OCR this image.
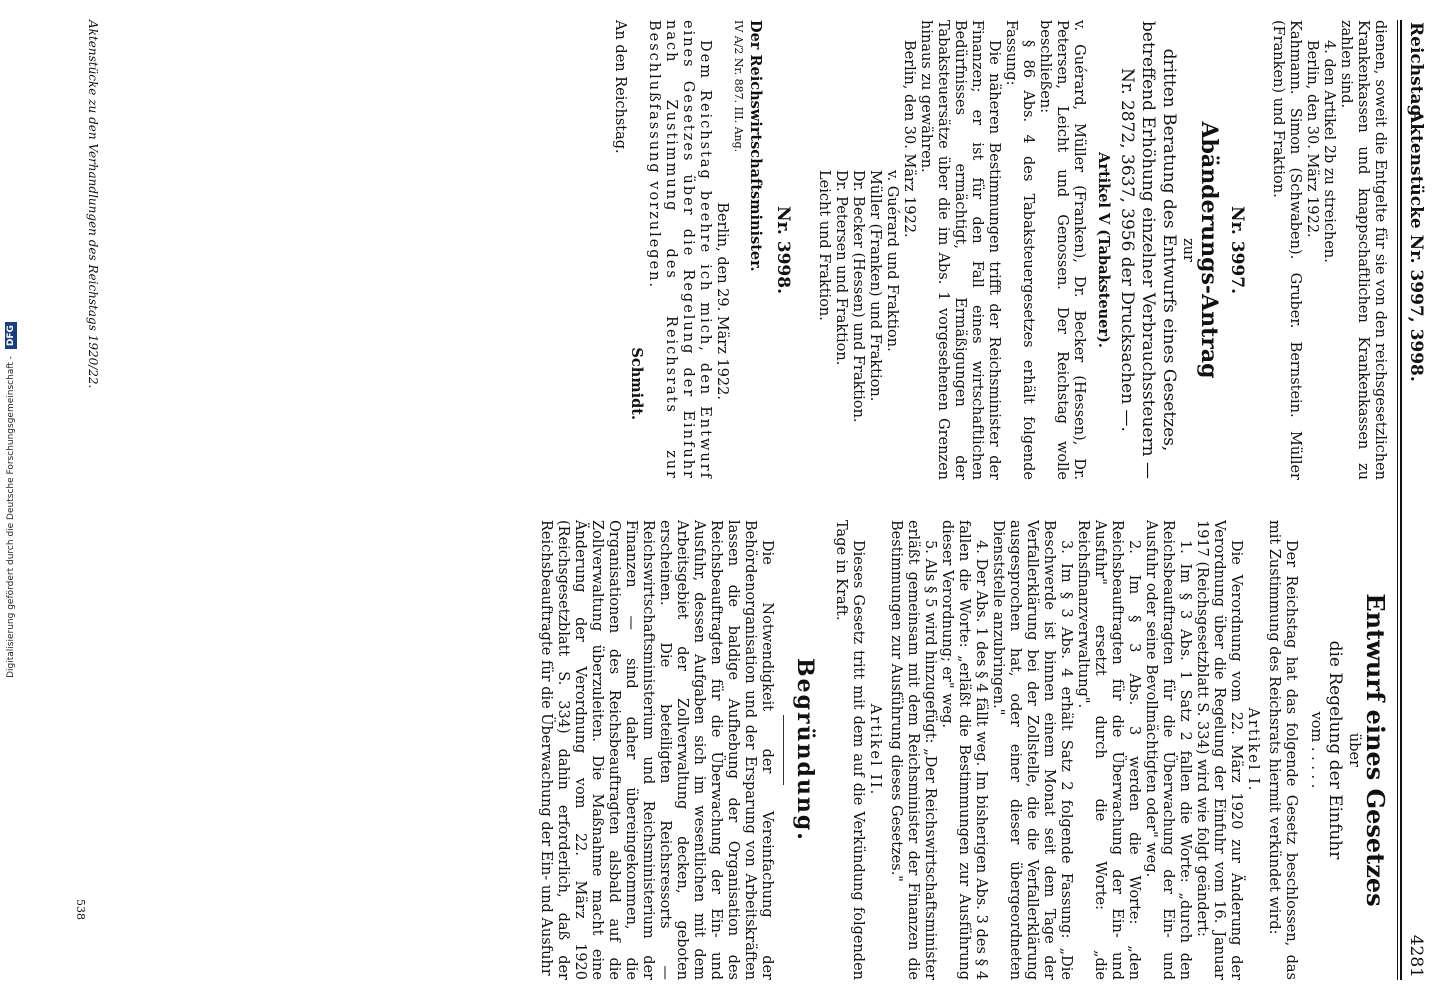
Digitalisierung gefördert durch die Deutsche Forschungsgemeinschaft - DFG
Reichstag.
Aktenstücke Nr. 3997, 3998.
4281

dienen, soweit die Entgelte für sie von den reichsgesetzlichen Krankenkassen und knappschaftlichen Krankenkassen zu zahlen sind.

4. den Artikel 2b zu streichen.

Berlin, den 30. März 1922.

Kahmann. Simon (Schwaben). Gruber. Bernstein. Müller (Franken) und Fraktion.

Nr. 3997.

Abänderungs-Antrag

zur

dritten Beratung des Entwurfs eines Gesetzes, betreffend Erhöhung einzelner Verbrauchssteuern — Nr. 2872, 3637, 3956 der Drucksachen —.

Artikel V (Tabaksteuer).

v. Guérard, Müller (Franken), Dr. Becker (Hessen), Dr. Petersen, Leicht und Genossen. Der Reichstag wolle beschließen:

§ 86 Abs. 4 des Tabaksteuergesetzes erhält folgende Fassung:

Die näheren Bestimmungen trifft der Reichsminister der Finanzen; er ist für den Fall eines wirtschaftlichen Bedürfnisses ermächtigt, Ermäßigungen der Tabaksteuersätze über die im Abs. 1 vorgesehenen Grenzen hinaus zu gewähren.

Berlin, den 30. März 1922.

v. Guérard und Fraktion.

Müller (Franken) und Fraktion.

Dr. Becker (Hessen) und Fraktion.

Dr. Petersen und Fraktion.

Leicht und Fraktion.

Nr. 3998.

Der Reichswirtschaftsminister.

IV A/2 Nr. 887. III. Ang.

Berlin, den 29. März 1922.

Dem Reichstag beehre ich mich, den Entwurf eines Gesetzes über die Regelung der Einfuhr nach Zustimmung des Reichsrats zur Beschlußfassung vorzulegen.

Schmidt.

An den Reichstag.

Entwurf eines Gesetzes

über

die Regelung der Einfuhr

vom . . . . .

Der Reichstag hat das folgende Gesetz beschlossen, das mit Zustimmung des Reichsrats hiermit verkündet wird:

Artikel I.

Die Verordnung vom 22. März 1920 zur Änderung der Verordnung über die Regelung der Einfuhr vom 16. Januar 1917 (Reichsgesetzblatt S. 334) wird wie folgt geändert:

1. Im § 3 Abs. 1 Satz 2 fallen die Worte: „durch den Reichsbeauftragten für die Überwachung der Ein- und Ausfuhr oder seine Bevollmächtigten oder" weg.

2. Im § 3 Abs. 3 werden die Worte: „den Reichsbeauftragten für die Überwachung der Ein- und Ausfuhr" ersetzt durch die Worte: „die Reichsfinanzverwaltung".

3. Im § 3 Abs. 4 erhält Satz 2 folgende Fassung: „Die Beschwerde ist binnen einem Monat seit dem Tage der Verfallerklärung bei der Zollstelle, die die Verfallerklärung ausgesprochen hat, oder einer dieser übergeordneten Dienststelle anzubringen."

4. Der Abs. 1 des § 4 fällt weg. Im bisherigen Abs. 3 des § 4 fallen die Worte: „erläßt die Bestimmungen zur Ausführung dieser Verordnung; er" weg.

5. Als § 5 wird hinzugefügt: „Der Reichswirtschaftsminister erläßt gemeinsam mit dem Reichsminister der Finanzen die Bestimmungen zur Ausführung dieses Gesetzes."

Artikel II.

Dieses Gesetz tritt mit dem auf die Verkündung folgenden Tage in Kraft.

Begründung.

Die Notwendigkeit der Vereinfachung der Behördenorganisation und der Ersparung von Arbeitskräften lassen die baldige Aufhebung der Organisation des Reichsbeauftragten für die Überwachung der Ein- und Ausfuhr, dessen Aufgaben sich im wesentlichen mit dem Arbeitsgebiet der Zollverwaltung decken, geboten erscheinen. Die beteiligten Reichsressorts — Reichswirtschaftsministerium und Reichsministerium der Finanzen — sind daher übereingekommen, die Organisationen des Reichsbeauftragten alsbald auf die Zollverwaltung überzuleiten. Die Maßnahme macht eine Änderung der Verordnung vom 22. März 1920 (Reichsgesetzblatt S. 334) dahin erforderlich, daß der Reichsbeauftragte für die Überwachung der Ein- und Ausfuhr

Aktenstücke zu den Verhandlungen des Reichstags 1920/22.
538
